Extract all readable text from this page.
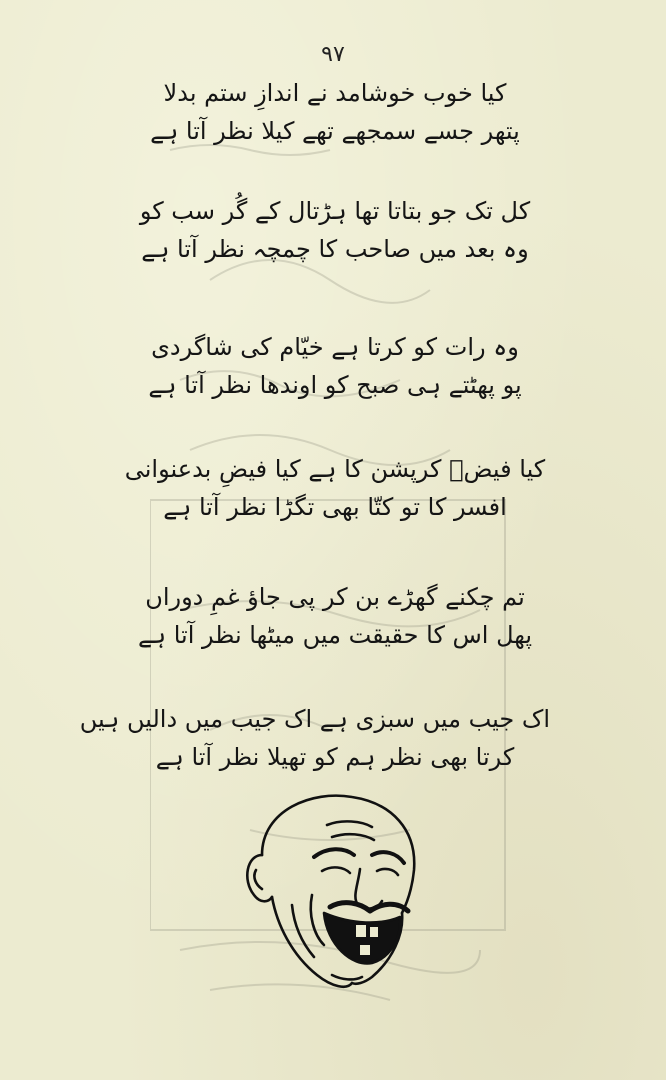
۹۷
کیا خوب خوشامد نے اندازِ ستم بدلا
پتھر جسے سمجھے تھے کیلا نظر آتا ہے
کل تک جو بتاتا تھا ہڑتال کے گُر سب کو
وہ بعد میں صاحب کا چمچہ نظر آتا ہے
وہ رات کو کرتا ہے خیّام کی شاگردی
پو پھٹتے ہی صبح کو اوندھا نظر آتا ہے
کیا فیضؔ کرپشن کا ہے کیا فیضِ بدعنوانی
افسر کا تو کتّا بھی تگڑا نظر آتا ہے
تم چکنے گھڑے بن کر پی جاؤ غمِ دوراں
پھل اس کا حقیقت میں میٹھا نظر آتا ہے
اک جیب میں سبزی ہے اک جیب میں دالیں ہیں
کرتا بھی نظر ہم کو تھیلا نظر آتا ہے
